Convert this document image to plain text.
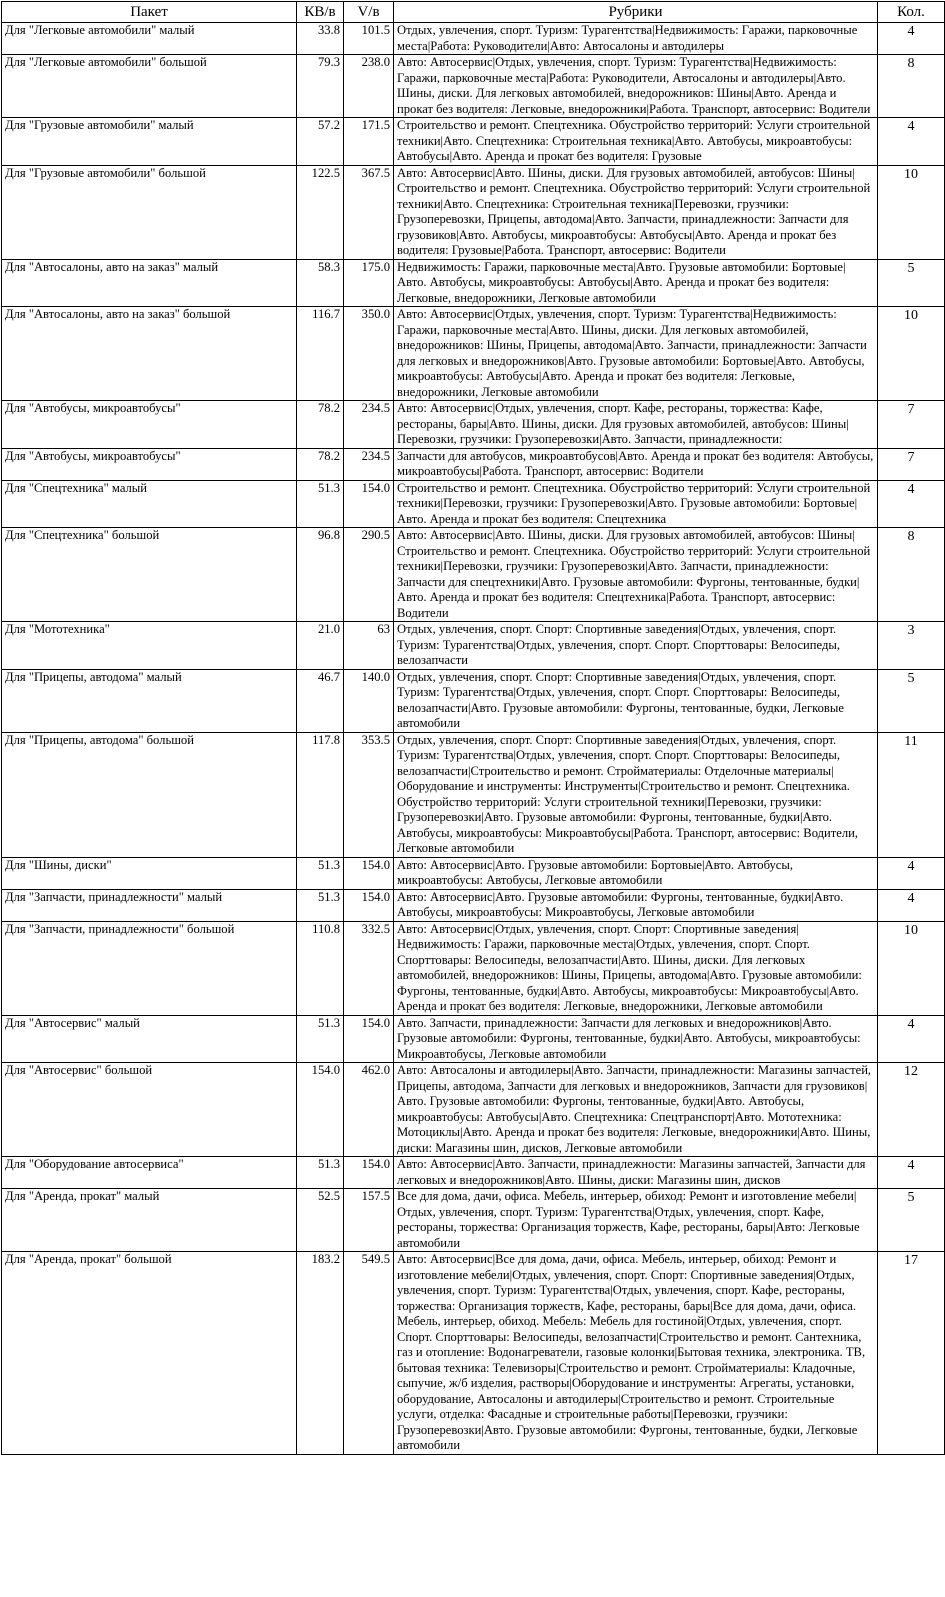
Пакет	КВ/в	V/в	Рубрики	Кол.
Для "Легковые автомобили" малый	33.8	101.5	Отдых, увлечения, спорт. Туризм: Турагентства|Недвижимость: Гаражи, парковочные места|Работа: Руководители|Авто: Автосалоны и автодилеры	4
Для "Легковые автомобили" большой	79.3	238.0	Авто: Автосервис|Отдых, увлечения, спорт. Туризм: Турагентства|Недвижимость: Гаражи, парковочные места|Работа: Руководители, Автосалоны и автодилеры|Авто. Шины, диски. Для легковых автомобилей, внедорожников: Шины|Авто. Аренда и прокат без водителя: Легковые, внедорожники|Работа. Транспорт, автосервис: Водители	8
Для "Грузовые автомобили" малый	57.2	171.5	Строительство и ремонт. Спецтехника. Обустройство территорий: Услуги строительной техники|Авто. Спецтехника: Строительная техника|Авто. Автобусы, микроавтобусы: Автобусы|Авто. Аренда и прокат без водителя: Грузовые	4
Для "Грузовые автомобили" большой	122.5	367.5	Авто: Автосервис|Авто. Шины, диски. Для грузовых автомобилей, автобусов: Шины|Строительство и ремонт. Спецтехника. Обустройство территорий: Услуги строительной техники|Авто. Спецтехника: Строительная техника|Перевозки, грузчики: Грузоперевозки, Прицепы, автодома|Авто. Запчасти, принадлежности: Запчасти для грузовиков|Авто. Автобусы, микроавтобусы: Автобусы|Авто. Аренда и прокат без водителя: Грузовые|Работа. Транспорт, автосервис: Водители	10
Для "Автосалоны, авто на заказ" малый	58.3	175.0	Недвижимость: Гаражи, парковочные места|Авто. Грузовые автомобили: Бортовые|Авто. Автобусы, микроавтобусы: Автобусы|Авто. Аренда и прокат без водителя: Легковые, внедорожники, Легковые автомобили	5
Для "Автосалоны, авто на заказ" большой	116.7	350.0	Авто: Автосервис|Отдых, увлечения, спорт. Туризм: Турагентства|Недвижимость: Гаражи, парковочные места|Авто. Шины, диски. Для легковых автомобилей, внедорожников: Шины, Прицепы, автодома|Авто. Запчасти, принадлежности: Запчасти для легковых и внедорожников|Авто. Грузовые автомобили: Бортовые|Авто. Автобусы, микроавтобусы: Автобусы|Авто. Аренда и прокат без водителя: Легковые, внедорожники, Легковые автомобили	10
Для "Автобусы, микроавтобусы"	78.2	234.5	Авто: Автосервис|Отдых, увлечения, спорт. Кафе, рестораны, торжества: Кафе, рестораны, бары|Авто. Шины, диски. Для грузовых автомобилей, автобусов: Шины|Перевозки, грузчики: Грузоперевозки|Авто. Запчасти, принадлежности:	7
Для "Автобусы, микроавтобусы"	78.2	234.5	Запчасти для автобусов, микроавтобусов|Авто. Аренда и прокат без водителя: Автобусы, микроавтобусы|Работа. Транспорт, автосервис: Водители	7
Для "Спецтехника" малый	51.3	154.0	Строительство и ремонт. Спецтехника. Обустройство территорий: Услуги строительной техники|Перевозки, грузчики: Грузоперевозки|Авто. Грузовые автомобили: Бортовые|Авто. Аренда и прокат без водителя: Спецтехника	4
Для "Спецтехника" большой	96.8	290.5	Авто: Автосервис|Авто. Шины, диски. Для грузовых автомобилей, автобусов: Шины|Строительство и ремонт. Спецтехника. Обустройство территорий: Услуги строительной техники|Перевозки, грузчики: Грузоперевозки|Авто. Запчасти, принадлежности: Запчасти для спецтехники|Авто. Грузовые автомобили: Фургоны, тентованные, будки|Авто. Аренда и прокат без водителя: Спецтехника|Работа. Транспорт, автосервис: Водители	8
Для "Мототехника"	21.0	63	Отдых, увлечения, спорт. Спорт: Спортивные заведения|Отдых, увлечения, спорт. Туризм: Турагентства|Отдых, увлечения, спорт. Спорт. Спорттовары: Велосипеды, велозапчасти	3
Для "Прицепы, автодома" малый	46.7	140.0	Отдых, увлечения, спорт. Спорт: Спортивные заведения|Отдых, увлечения, спорт. Туризм: Турагентства|Отдых, увлечения, спорт. Спорт. Спорттовары: Велосипеды, велозапчасти|Авто. Грузовые автомобили: Фургоны, тентованные, будки, Легковые автомобили	5
Для "Прицепы, автодома" большой	117.8	353.5	Отдых, увлечения, спорт. Спорт: Спортивные заведения|Отдых, увлечения, спорт. Туризм: Турагентства|Отдых, увлечения, спорт. Спорт. Спорттовары: Велосипеды, велозапчасти|Строительство и ремонт. Стройматериалы: Отделочные материалы|Оборудование и инструменты: Инструменты|Строительство и ремонт. Спецтехника. Обустройство территорий: Услуги строительной техники|Перевозки, грузчики: Грузоперевозки|Авто. Грузовые автомобили: Фургоны, тентованные, будки|Авто. Автобусы, микроавтобусы: Микроавтобусы|Работа. Транспорт, автосервис: Водители, Легковые автомобили	11
Для "Шины, диски"	51.3	154.0	Авто: Автосервис|Авто. Грузовые автомобили: Бортовые|Авто. Автобусы, микроавтобусы: Автобусы, Легковые автомобили	4
Для "Запчасти, принадлежности" малый	51.3	154.0	Авто: Автосервис|Авто. Грузовые автомобили: Фургоны, тентованные, будки|Авто. Автобусы, микроавтобусы: Микроавтобусы, Легковые автомобили	4
Для "Запчасти, принадлежности" большой	110.8	332.5	Авто: Автосервис|Отдых, увлечения, спорт. Спорт: Спортивные заведения|Недвижимость: Гаражи, парковочные места|Отдых, увлечения, спорт. Спорт. Спорттовары: Велосипеды, велозапчасти|Авто. Шины, диски. Для легковых автомобилей, внедорожников: Шины, Прицепы, автодома|Авто. Грузовые автомобили: Фургоны, тентованные, будки|Авто. Автобусы, микроавтобусы: Микроавтобусы|Авто. Аренда и прокат без водителя: Легковые, внедорожники, Легковые автомобили	10
Для "Автосервис" малый	51.3	154.0	Авто. Запчасти, принадлежности: Запчасти для легковых и внедорожников|Авто. Грузовые автомобили: Фургоны, тентованные, будки|Авто. Автобусы, микроавтобусы: Микроавтобусы, Легковые автомобили	4
Для "Автосервис" большой	154.0	462.0	Авто: Автосалоны и автодилеры|Авто. Запчасти, принадлежности: Магазины запчастей, Прицепы, автодома, Запчасти для легковых и внедорожников, Запчасти для грузовиков|Авто. Грузовые автомобили: Фургоны, тентованные, будки|Авто. Автобусы, микроавтобусы: Автобусы|Авто. Спецтехника: Спецтранспорт|Авто. Мототехника: Мотоциклы|Авто. Аренда и прокат без водителя: Легковые, внедорожники|Авто. Шины, диски: Магазины шин, дисков, Легковые автомобили	12
Для "Оборудование автосервиса"	51.3	154.0	Авто: Автосервис|Авто. Запчасти, принадлежности: Магазины запчастей, Запчасти для легковых и внедорожников|Авто. Шины, диски: Магазины шин, дисков	4
Для "Аренда, прокат" малый	52.5	157.5	Все для дома, дачи, офиса. Мебель, интерьер, обиход: Ремонт и изготовление мебели|Отдых, увлечения, спорт. Туризм: Турагентства|Отдых, увлечения, спорт. Кафе, рестораны, торжества: Организация торжеств, Кафе, рестораны, бары|Авто: Легковые автомобили	5
Для "Аренда, прокат" большой	183.2	549.5	Авто: Автосервис|Все для дома, дачи, офиса. Мебель, интерьер, обиход: Ремонт и изготовление мебели|Отдых, увлечения, спорт. Спорт: Спортивные заведения|Отдых, увлечения, спорт. Туризм: Турагентства|Отдых, увлечения, спорт. Кафе, рестораны, торжества: Организация торжеств, Кафе, рестораны, бары|Все для дома, дачи, офиса. Мебель, интерьер, обиход. Мебель: Мебель для гостиной|Отдых, увлечения, спорт. Спорт. Спорттовары: Велосипеды, велозапчасти|Строительство и ремонт. Сантехника, газ и отопление: Водонагреватели, газовые колонки|Бытовая техника, электроника. ТВ, бытовая техника: Телевизоры|Строительство и ремонт. Стройматериалы: Кладочные, сыпучие, ж/б изделия, растворы|Оборудование и инструменты: Агрегаты, установки, оборудование, Автосалоны и автодилеры|Строительство и ремонт. Строительные услуги, отделка: Фасадные и строительные работы|Перевозки, грузчики: Грузоперевозки|Авто. Грузовые автомобили: Фургоны, тентованные, будки, Легковые автомобили	17
